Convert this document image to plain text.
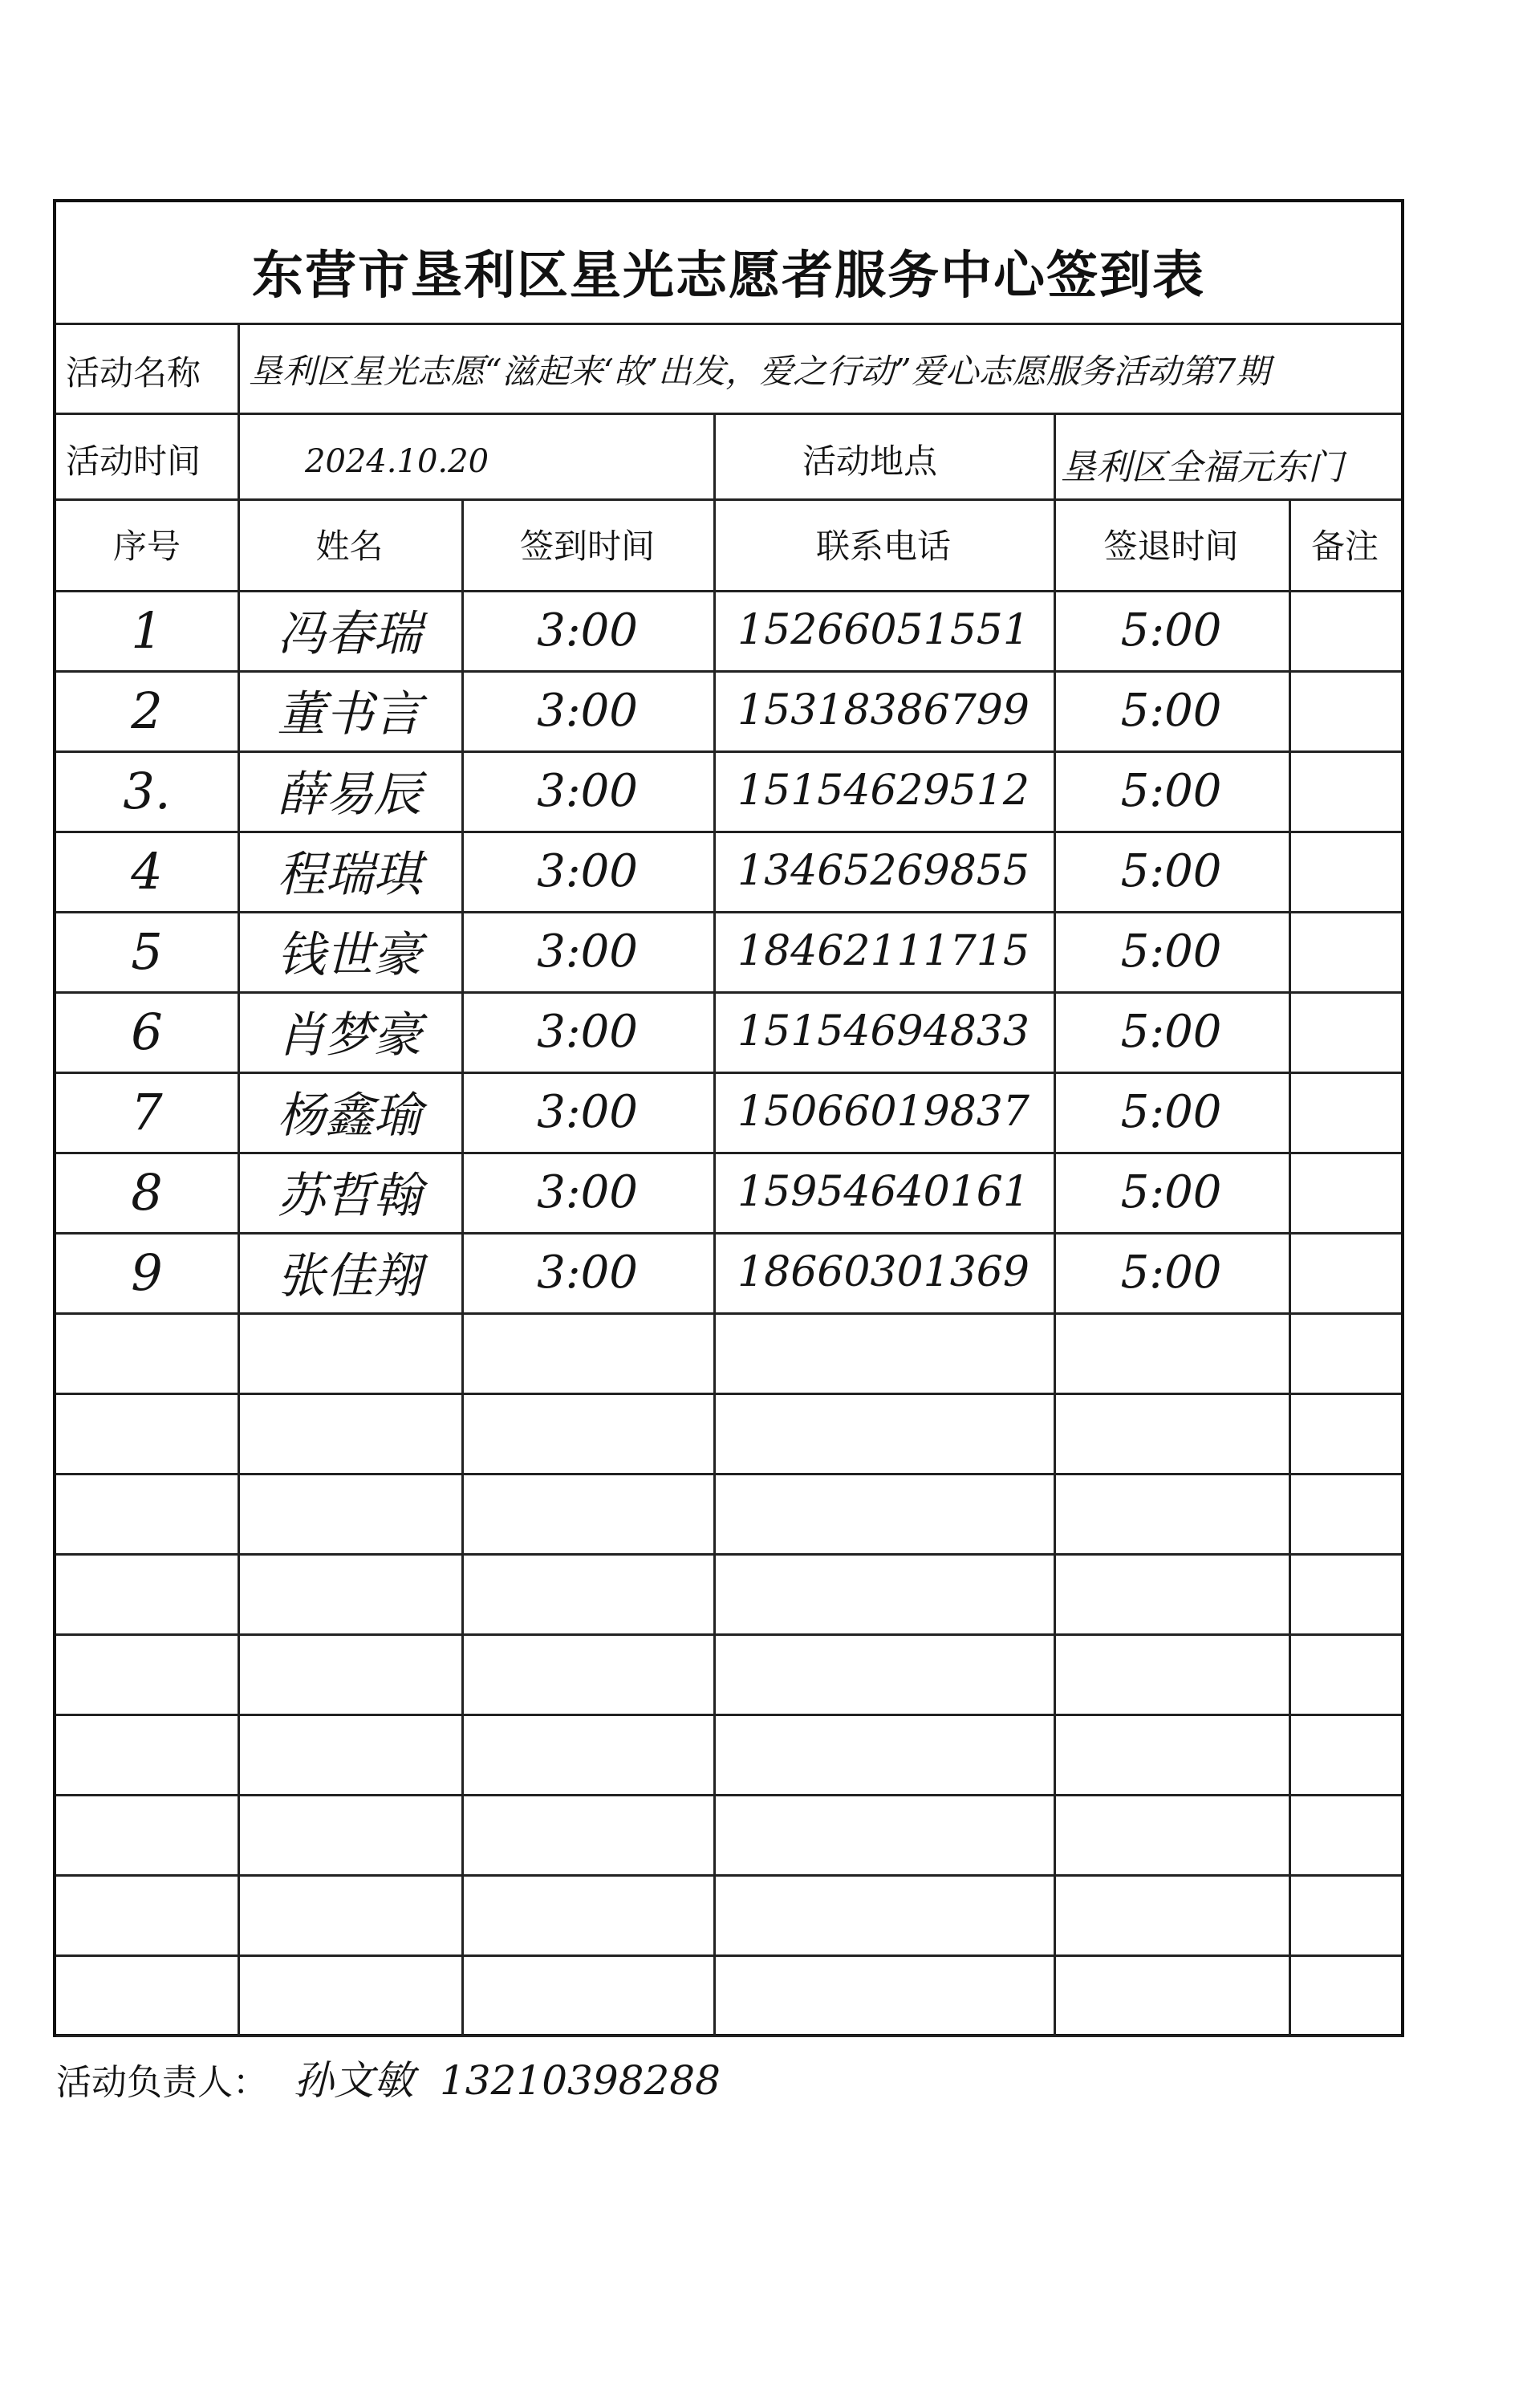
东营市垦利区星光志愿者服务中心签到表
活动名称 垦利区星光志愿“滋起来‘故’出发，爱之行动”爱心志愿服务活动第7期
活动时间	2024.10.20	活动地点	垦利区全福元东门
序号	姓名	签到时间	联系电话	签退时间	备注
1	冯春瑞	3:00	15266051551	5:00
2	董书言	3:00	15318386799	5:00
3.	薛易辰	3:00	15154629512	5:00
4	程瑞琪	3:00	13465269855	5:00
5	钱世豪	3:00	18462111715	5:00
6	肖梦豪	3:00	15154694833	5:00
7	杨鑫瑜	3:00	15066019837	5:00
8	苏哲翰	3:00	15954640161	5:00
9	张佳翔	3:00	18660301369	5:00
活动负责人： 孙文敏 13210398288
